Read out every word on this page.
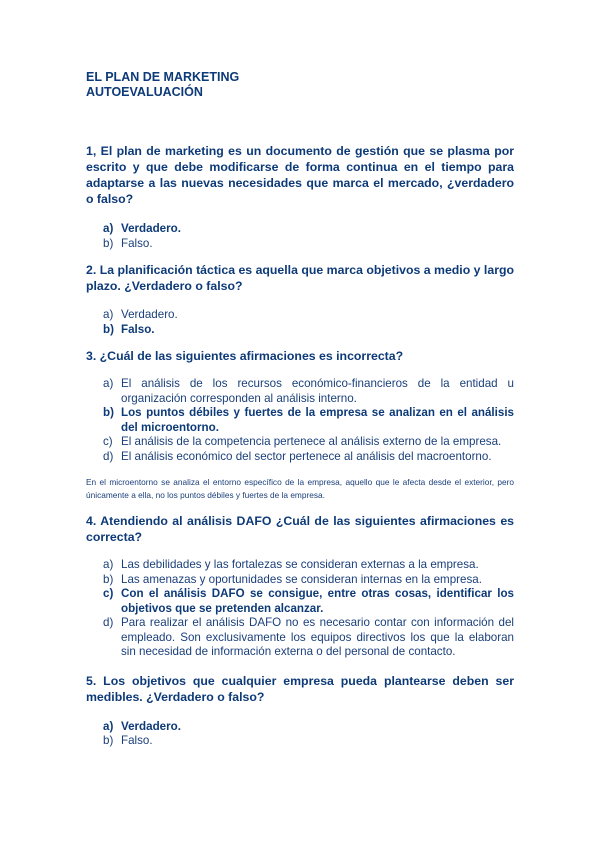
EL PLAN DE MARKETING

AUTOEVALUACIÓN

1, El plan de marketing es un documento de gestión que se plasma por escrito y que debe modificarse de forma continua en el tiempo para adaptarse a las nuevas necesidades que marca el mercado, ¿verdadero o falso?

a) Verdadero.
b) Falso.

2. La planificación táctica es aquella que marca objetivos a medio y largo plazo. ¿Verdadero o falso?

a) Verdadero.
b) Falso.

3. ¿Cuál de las siguientes afirmaciones es incorrecta?

a) El análisis de los recursos económico-financieros de la entidad u organización corresponden al análisis interno.
b) Los puntos débiles y fuertes de la empresa se analizan en el análisis del microentorno.
c) El análisis de la competencia pertenece al análisis externo de la empresa.
d) El análisis económico del sector pertenece al análisis del macroentorno.

En el microentorno se analiza el entorno específico de la empresa, aquello que le afecta desde el exterior, pero únicamente a ella, no los puntos débiles y fuertes de la empresa.

4. Atendiendo al análisis DAFO ¿Cuál de las siguientes afirmaciones es correcta?

a) Las debilidades y las fortalezas se consideran externas a la empresa.
b) Las amenazas y oportunidades se consideran internas en la empresa.
c) Con el análisis DAFO se consigue, entre otras cosas, identificar los objetivos que se pretenden alcanzar.
d) Para realizar el análisis DAFO no es necesario contar con información del empleado. Son exclusivamente los equipos directivos los que la elaboran sin necesidad de información externa o del personal de contacto.

5. Los objetivos que cualquier empresa pueda plantearse deben ser medibles. ¿Verdadero o falso?

a) Verdadero.
b) Falso.
